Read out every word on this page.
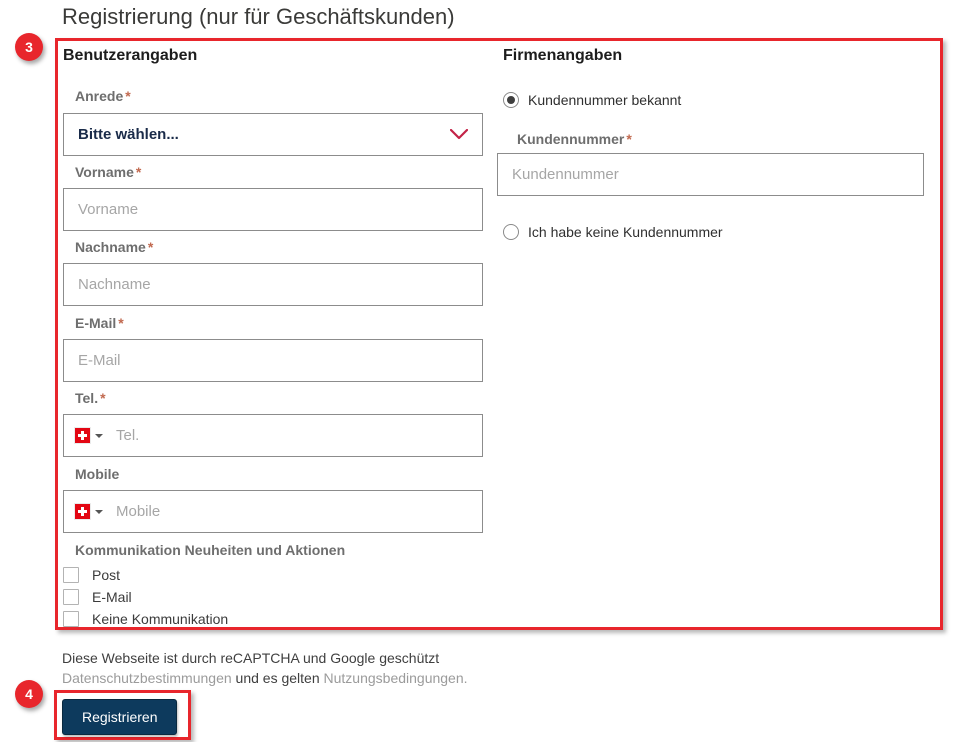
Registrierung (nur für Geschäftskunden)
3	Benutzerangaben
Anrede *
Bitte wählen...
Vorname *
Vorname
Nachname *
Nachname
E-Mail *
E-Mail
Tel. *
Tel.
Mobile
Mobile
Kommunikation Neuheiten und Aktionen
Post
E-Mail
Keine Kommunikation
Firmenangaben
Kundennummer bekannt
Kundennummer *
Kundennummer
Ich habe keine Kundennummer
Diese Webseite ist durch reCAPTCHA und Google geschützt
Datenschutzbestimmungen und es gelten Nutzungsbedingungen.
4
Registrieren
